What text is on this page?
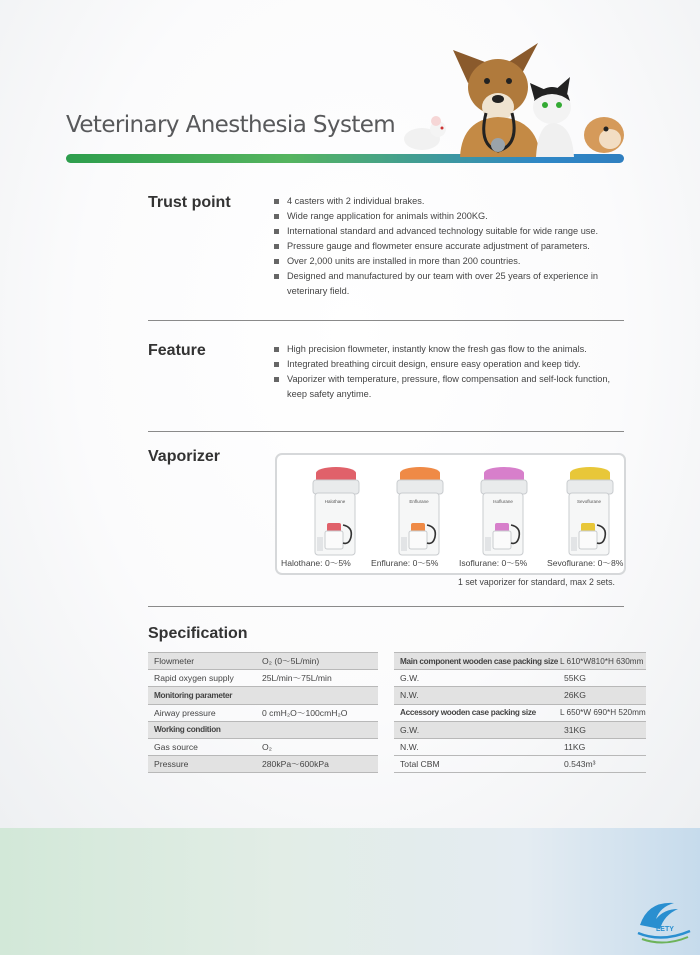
Veterinary Anesthesia System
Trust point	4 casters with 2 individual brakes.
Wide range application for animals within 200KG.
International standard and advanced technology suitable for wide range use.
Pressure gauge and flowmeter ensure accurate adjustment of parameters.
Over 2,000 units are installed in more than 200 countries.
Designed and manufactured by our team with over 25 years of experience in
veterinary field.
Feature	High precision flowmeter, instantly know the fresh gas flow to the animals.
Integrated breathing circuit design, ensure easy operation and keep tidy.
Vaporizer with temperature, pressure, flow compensation and self-lock function,
keep safety anytime.
Vaporizer
Halothane
Halothane: 0～5%
Enflurane
Enflurane: 0～5%
Isoflurane
Isoflurane: 0～5%
Sevoflurane
Sevoflurane: 0～8%
1 set vaporizer for standard, max 2 sets.
Specification
Flowmeter	O₂ (0～5L/min)
Rapid oxygen supply	25L/min～75L/min
Monitoring parameter	
Airway pressure	0 cmH₂O～100cmH₂O
Working condition	
Gas source	O₂
Pressure	280kPa～600kPa
Main component wooden case packing size	L 610*W810*H 630mm
G.W.	55KG
N.W.	26KG
Accessory wooden case packing size	L 650*W 690*H 520mm
G.W.	31KG
N.W.	11KG
Total CBM	0.543m³
LETY
